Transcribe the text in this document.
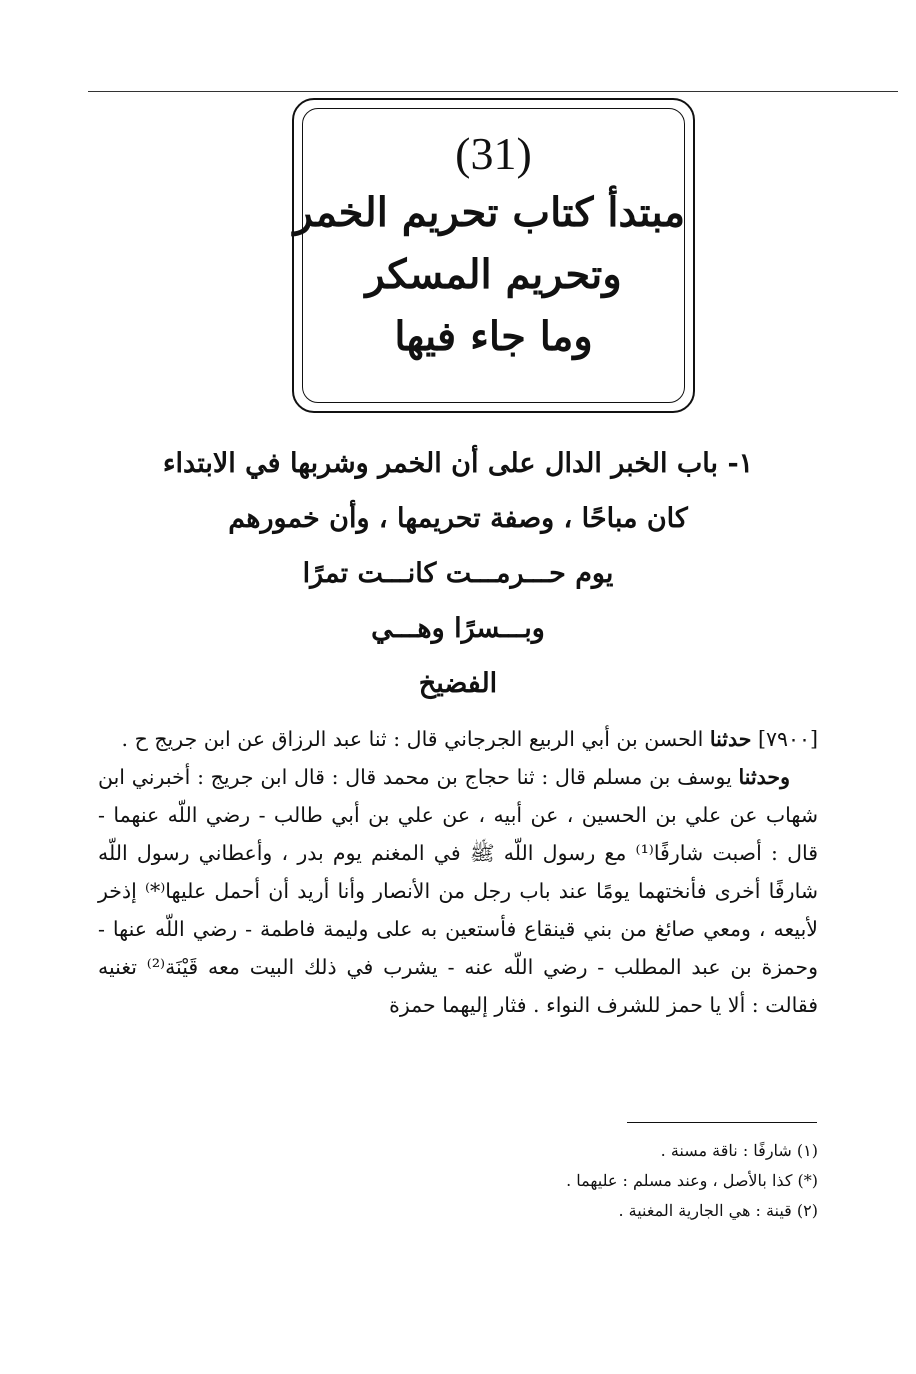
(31)
مبتدأ كتاب تحريم الخمر
وتحريم المسكر
وما جاء فيها
١- باب الخبر الدال على أن الخمر وشربها في الابتداء
كان مباحًا ، وصفة تحريمها ، وأن خمورهم
يوم حـــرمـــت كانـــت تمرًا
وبـــسرًا وهـــي
الفضيخ

[٧٩٠٠] حدثنا الحسن بن أبي الربيع الجرجاني قال : ثنا عبد الرزاق عن ابن جريج ح .

وحدثنا يوسف بن مسلم قال : ثنا حجاج بن محمد قال : قال ابن جريج : أخبرني ابن شهاب عن علي بن الحسين ، عن أبيه ، عن علي بن أبي طالب - رضي اللّه عنهما - قال : أصبت شارفًا⁽¹⁾ مع رسول اللّه ﷺ في المغنم يوم بدر ، وأعطاني رسول اللّه شارفًا أخرى فأنختهما يومًا عند باب رجل من الأنصار وأنا أريد أن أحمل عليها⁽*⁾ إذخر لأبيعه ، ومعي صائغ من بني قينقاع فأستعين به على وليمة فاطمة - رضي اللّه عنها - وحمزة بن عبد المطلب - رضي اللّه عنه - يشرب في ذلك البيت معه قَيْنَة⁽²⁾ تغنيه فقالت : ألا يا حمز للشرف النواء . فثار إليهما حمزة

(١) شارفًا : ناقة مسنة .
(*) كذا بالأصل ، وعند مسلم : عليهما .
(٢) قينة : هي الجارية المغنية .
